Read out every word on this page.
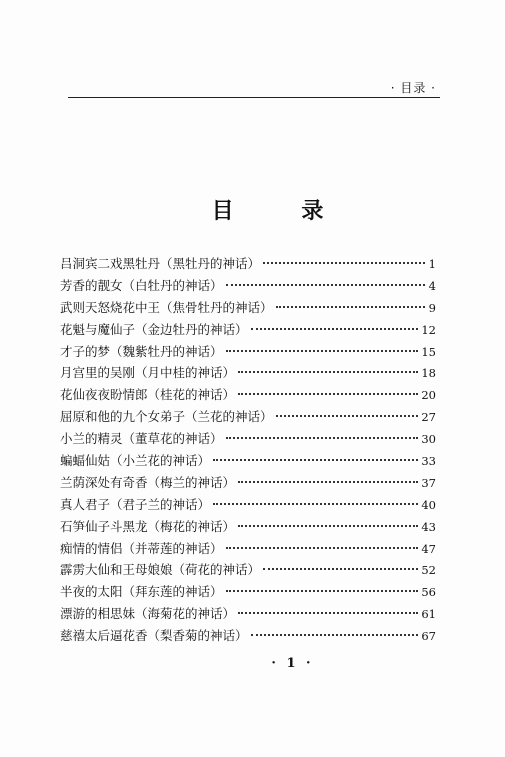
· 目录 ·
目 录
吕洞宾二戏黑牡丹（黑牡丹的神话）	1
芳香的靓女（白牡丹的神话）	4
武则天怒烧花中王（焦骨牡丹的神话）	9
花魁与魔仙子（金边牡丹的神话）	12
才子的梦（魏紫牡丹的神话）	15
月宫里的吴刚（月中桂的神话）	18
花仙夜夜盼情郎（桂花的神话）	20
屈原和他的九个女弟子（兰花的神话）	27
小兰的精灵（董草花的神话）	30
蝙蝠仙姑（小兰花的神话）	33
兰荫深处有奇香（梅兰的神话）	37
真人君子（君子兰的神话）	40
石笋仙子斗黑龙（梅花的神话）	43
痴情的情侣（并蒂莲的神话）	47
霹雳大仙和王母娘娘（荷花的神话）	52
半夜的太阳（拜东莲的神话）	56
漂游的相思妹（海菊花的神话）	61
慈禧太后逼花香（梨香菊的神话）	67
· 1 ·
